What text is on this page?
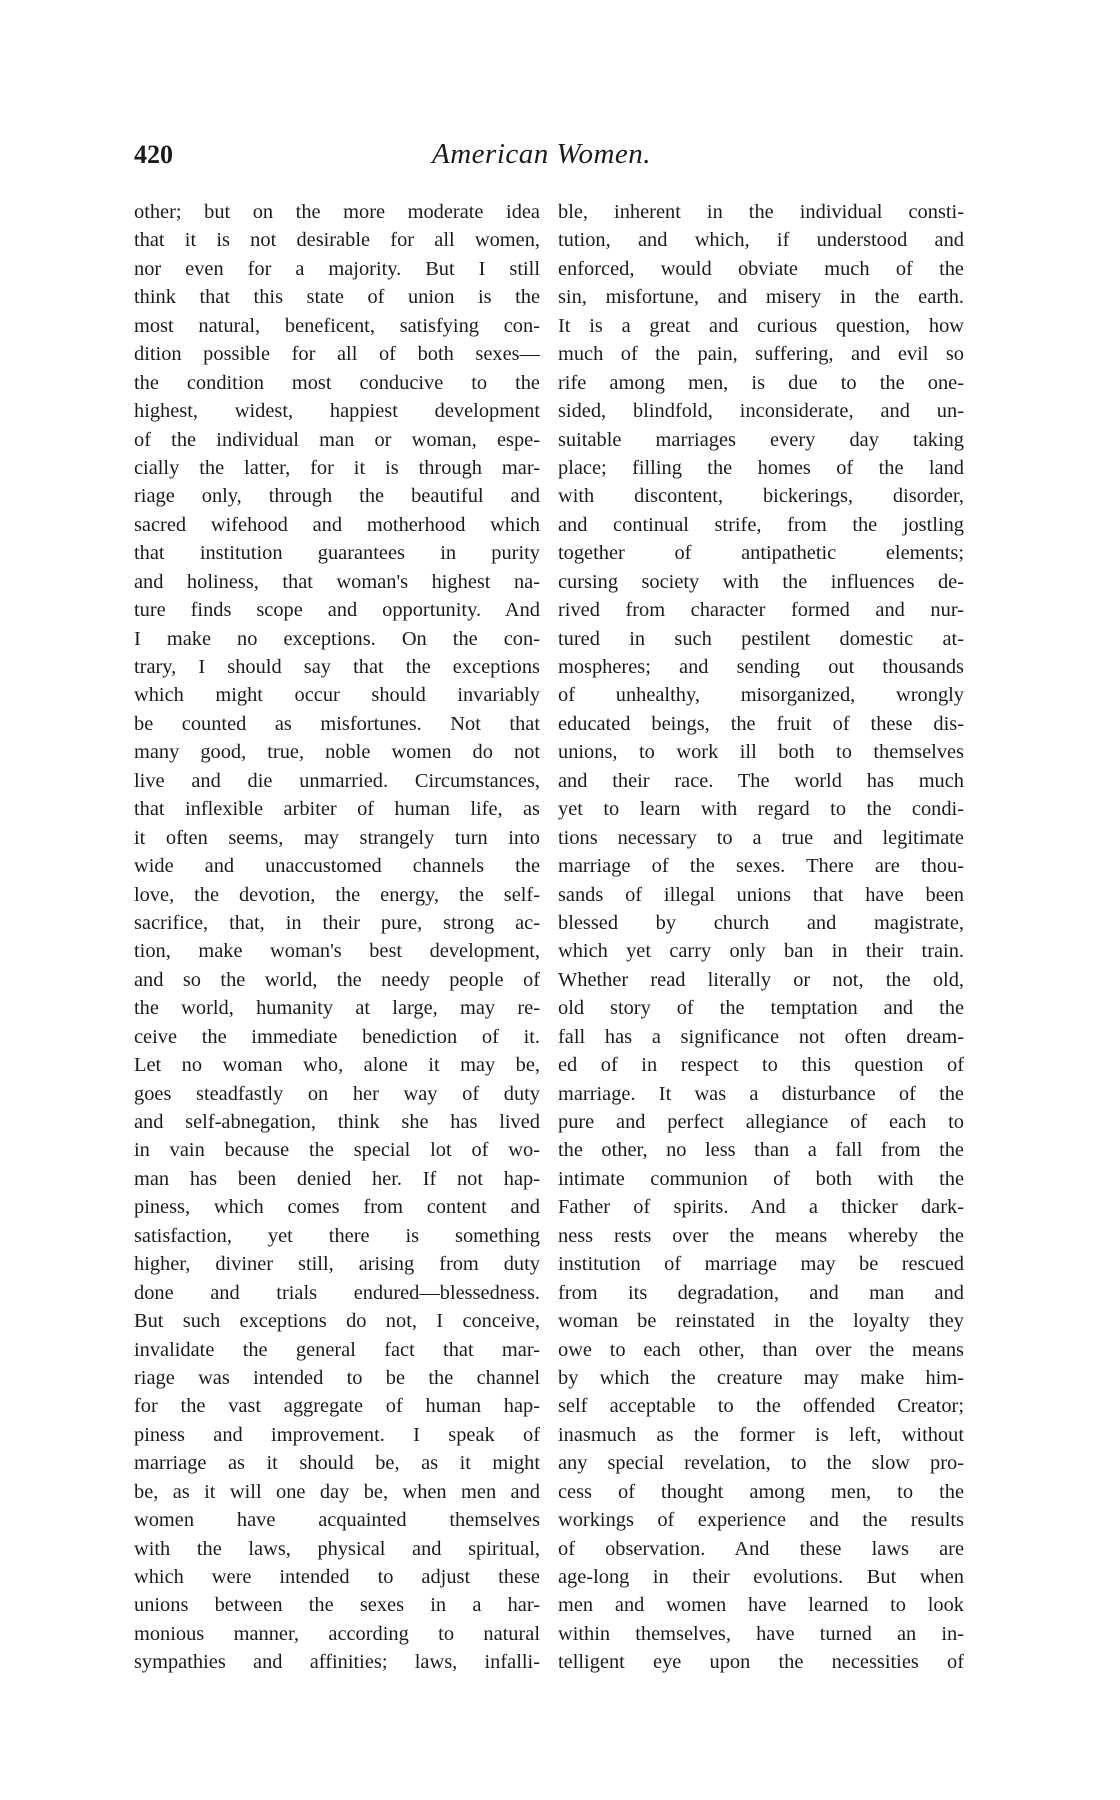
420	American Women.
other; but on the more moderate idea
that it is not desirable for all women,
nor even for a majority. But I still
think that this state of union is the
most natural, beneficent, satisfying con-
dition possible for all of both sexes—
the condition most conducive to the
highest, widest, happiest development
of the individual man or woman, espe-
cially the latter, for it is through mar-
riage only, through the beautiful and
sacred wifehood and motherhood which
that institution guarantees in purity
and holiness, that woman's highest na-
ture finds scope and opportunity. And
I make no exceptions. On the con-
trary, I should say that the exceptions
which might occur should invariably
be counted as misfortunes. Not that
many good, true, noble women do not
live and die unmarried. Circumstances,
that inflexible arbiter of human life, as
it often seems, may strangely turn into
wide and unaccustomed channels the
love, the devotion, the energy, the self-
sacrifice, that, in their pure, strong ac-
tion, make woman's best development,
and so the world, the needy people of
the world, humanity at large, may re-
ceive the immediate benediction of it.
Let no woman who, alone it may be,
goes steadfastly on her way of duty
and self-abnegation, think she has lived
in vain because the special lot of wo-
man has been denied her. If not hap-
piness, which comes from content and
satisfaction, yet there is something
higher, diviner still, arising from duty
done and trials endured—blessedness.
But such exceptions do not, I conceive,
invalidate the general fact that mar-
riage was intended to be the channel
for the vast aggregate of human hap-
piness and improvement. I speak of
marriage as it should be, as it might
be, as it will one day be, when men and
women have acquainted themselves
with the laws, physical and spiritual,
which were intended to adjust these
unions between the sexes in a har-
monious manner, according to natural
sympathies and affinities; laws, infalli-
ble, inherent in the individual consti-
tution, and which, if understood and
enforced, would obviate much of the
sin, misfortune, and misery in the earth.
It is a great and curious question, how
much of the pain, suffering, and evil so
rife among men, is due to the one-
sided, blindfold, inconsiderate, and un-
suitable marriages every day taking
place; filling the homes of the land
with discontent, bickerings, disorder,
and continual strife, from the jostling
together of antipathetic elements;
cursing society with the influences de-
rived from character formed and nur-
tured in such pestilent domestic at-
mospheres; and sending out thousands
of unhealthy, misorganized, wrongly
educated beings, the fruit of these dis-
unions, to work ill both to themselves
and their race. The world has much
yet to learn with regard to the condi-
tions necessary to a true and legitimate
marriage of the sexes. There are thou-
sands of illegal unions that have been
blessed by church and magistrate,
which yet carry only ban in their train.
Whether read literally or not, the old,
old story of the temptation and the
fall has a significance not often dream-
ed of in respect to this question of
marriage. It was a disturbance of the
pure and perfect allegiance of each to
the other, no less than a fall from the
intimate communion of both with the
Father of spirits. And a thicker dark-
ness rests over the means whereby the
institution of marriage may be rescued
from its degradation, and man and
woman be reinstated in the loyalty they
owe to each other, than over the means
by which the creature may make him-
self acceptable to the offended Creator;
inasmuch as the former is left, without
any special revelation, to the slow pro-
cess of thought among men, to the
workings of experience and the results
of observation. And these laws are
age-long in their evolutions. But when
men and women have learned to look
within themselves, have turned an in-
telligent eye upon the necessities of
